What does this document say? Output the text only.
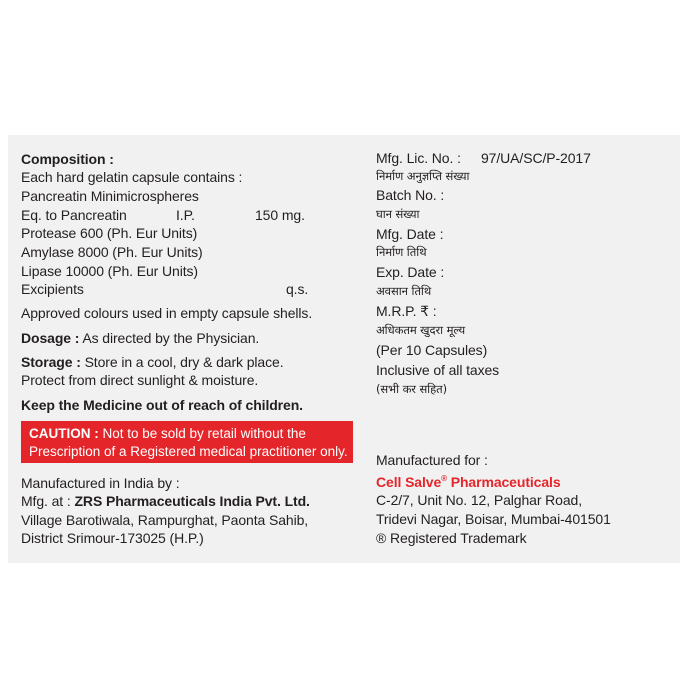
Composition :
Each hard gelatin capsule contains :
Pancreatin Minimicrospheres
Eq. to Pancreatin	I.P.	150 mg.
Protease 600 (Ph. Eur Units)
Amylase 8000 (Ph. Eur Units)
Lipase 10000 (Ph. Eur Units)
Excipients	q.s.
Approved colours used in empty capsule shells.
Dosage : As directed by the Physician.
Storage : Store in a cool, dry & dark place.
Protect from direct sunlight & moisture.
Keep the Medicine out of reach of children.
CAUTION : Not to be sold by retail without the
Prescription of a Registered medical practitioner only.
Manufactured in India by :
Mfg. at : ZRS Pharmaceuticals India Pvt. Ltd.
Village Barotiwala, Rampurghat, Paonta Sahib,
District Srimour-173025 (H.P.)
Mfg. Lic. No. : 97/UA/SC/P-2017
निर्माण अनुज्ञप्ति संख्या
Batch No. :
घान संख्या
Mfg. Date :
निर्माण तिथि
Exp. Date :
अवसान तिथि
M.R.P. ₹ :
अधिकतम खुदरा मूल्य
(Per 10 Capsules)
Inclusive of all taxes
(सभी कर सहित)
Manufactured for :
Cell Salve® Pharmaceuticals
C-2/7, Unit No. 12, Palghar Road,
Tridevi Nagar, Boisar, Mumbai-401501
® Registered Trademark
